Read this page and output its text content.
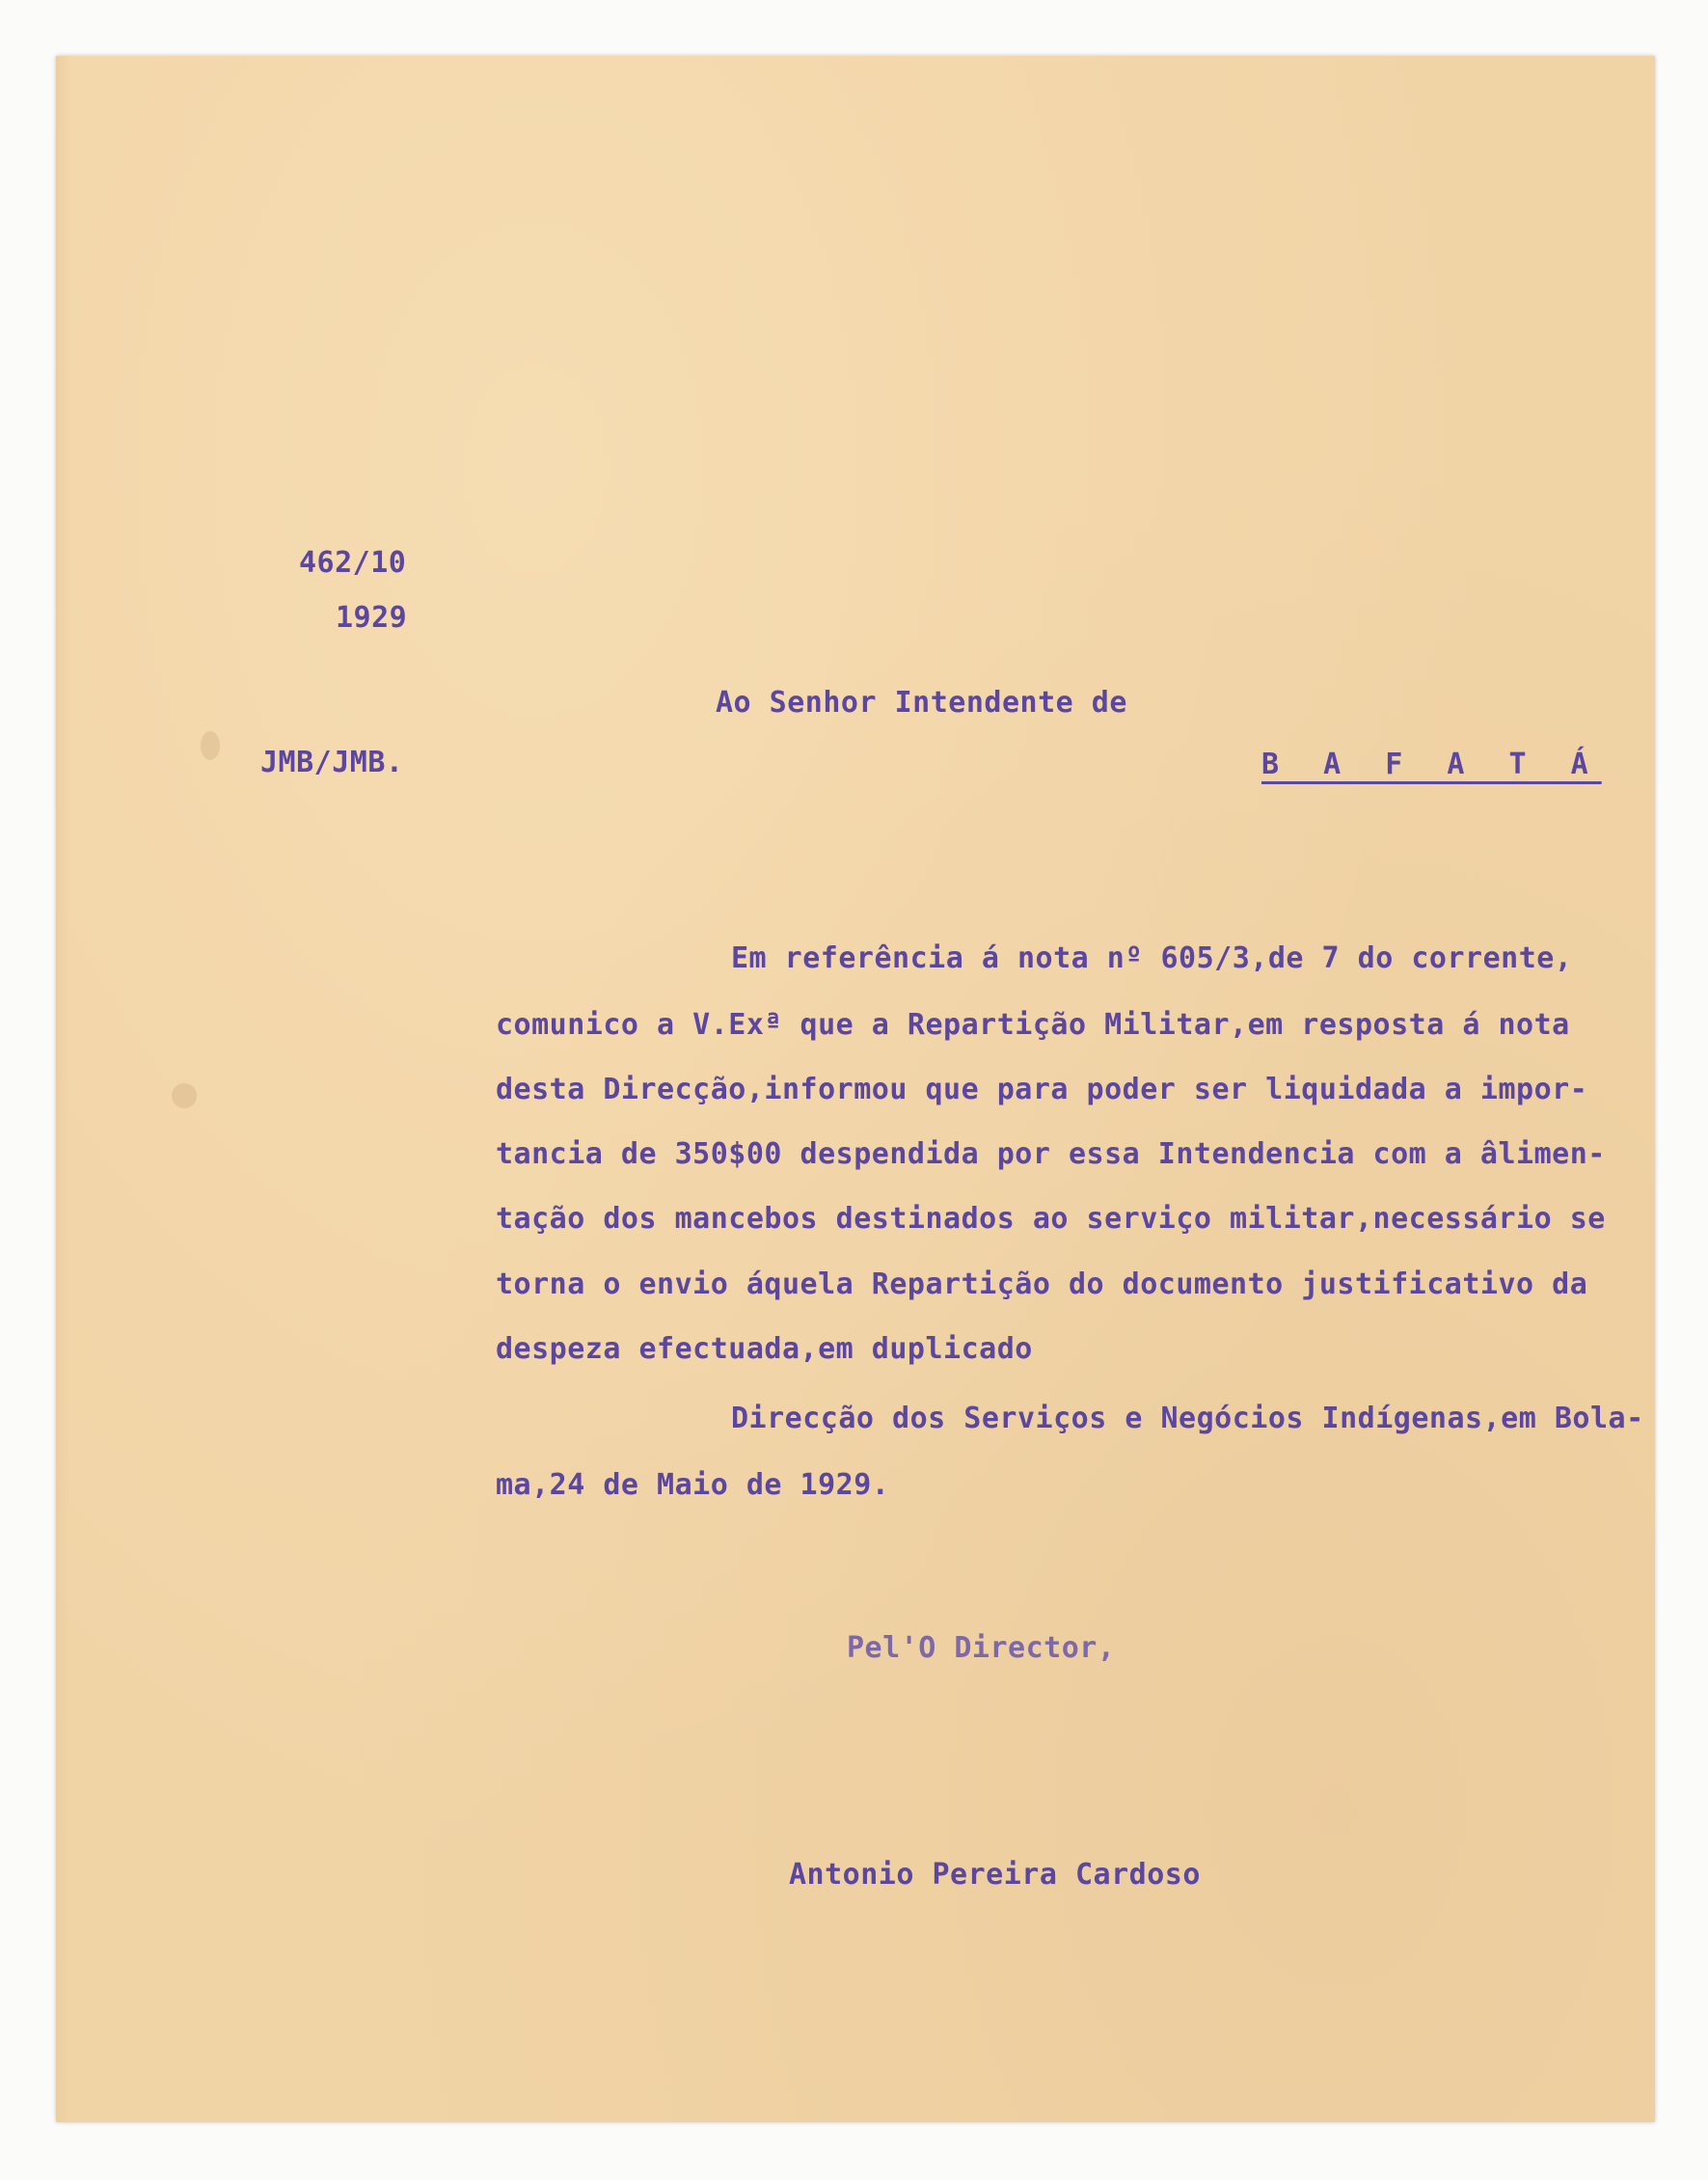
462/10
1929
JMB/JMB.
Ao Senhor Intendente de
B A F A T Á
Em referência á nota nº 605/3,de 7 do corrente,
comunico a V.Exª que a Repartição Militar,em resposta á nota
desta Direcção,informou que para poder ser liquidada a impor-
tancia de 350$00 despendida por essa Intendencia com a âlimen-
tação dos mancebos destinados ao serviço militar,necessário se
torna o envio áquela Repartição do documento justificativo da
despeza efectuada,em duplicado
Direcção dos Serviços e Negócios Indígenas,em Bola-
ma,24 de Maio de 1929.
Pel'O Director,
Antonio Pereira Cardoso
